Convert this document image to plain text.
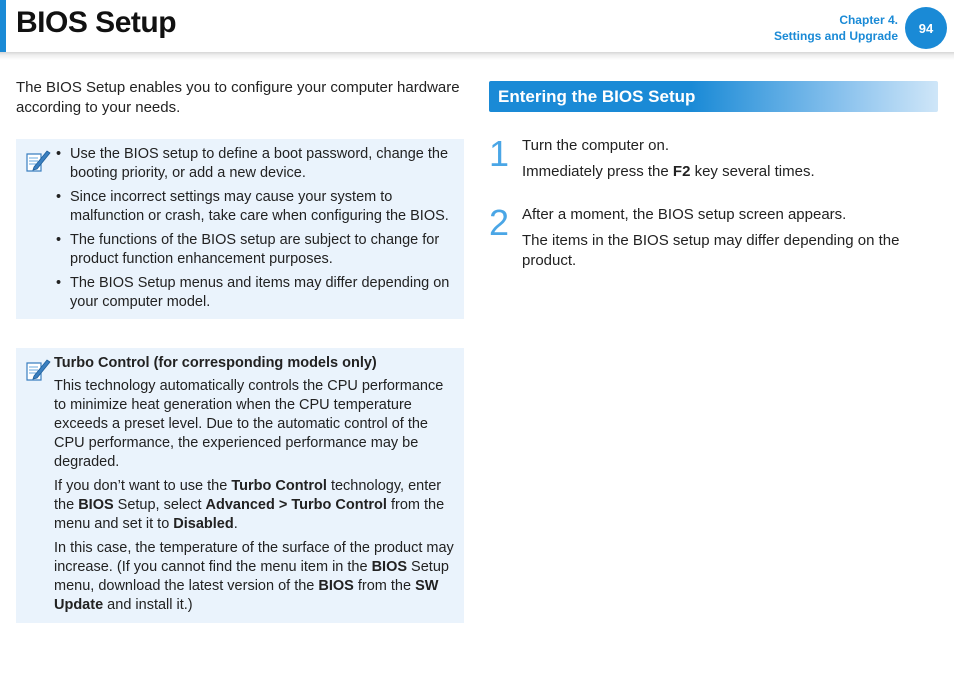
BIOS Setup	Chapter 4.
Settings and Upgrade
94

The BIOS Setup enables you to configure your computer hardware according to your needs.

• Use the BIOS setup to define a boot password, change the booting priority, or add a new device.
• Since incorrect settings may cause your system to malfunction or crash, take care when configuring the BIOS.
• The functions of the BIOS setup are subject to change for product function enhancement purposes.
• The BIOS Setup menus and items may differ depending on your computer model.

Turbo Control (for corresponding models only)

This technology automatically controls the CPU performance to minimize heat generation when the CPU temperature exceeds a preset level. Due to the automatic control of the CPU performance, the experienced performance may be degraded.

If you don’t want to use the Turbo Control technology, enter the BIOS Setup, select Advanced > Turbo Control from the menu and set it to Disabled.

In this case, the temperature of the surface of the product may increase. (If you cannot find the menu item in the BIOS Setup menu, download the latest version of the BIOS from the SW Update and install it.)

Entering the BIOS Setup
1 Turn the computer on.

Immediately press the F2 key several times.

2 After a moment, the BIOS setup screen appears.

The items in the BIOS setup may differ depending on the product.
